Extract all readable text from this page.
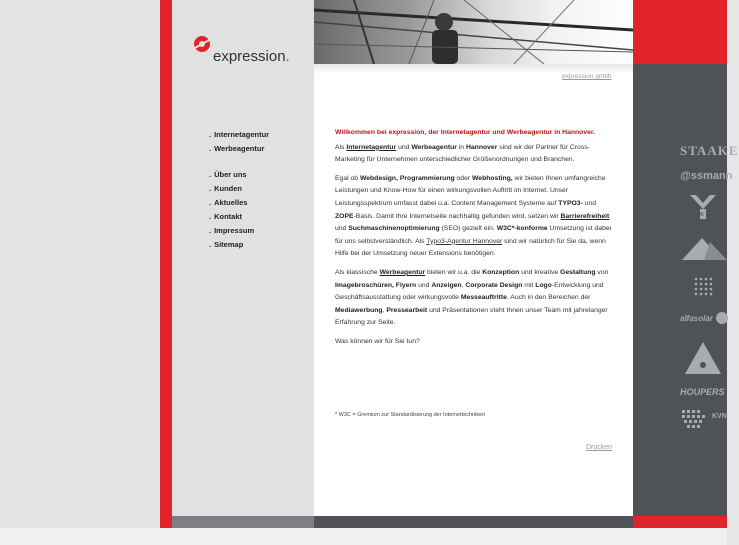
expression.
. Internetagentur
. Werbeagentur
. Über uns
. Kunden
. Aktuelles
. Kontakt
. Impressum
. Sitemap
expression gmbh

Willkommen bei expression, der Internetagentur und Werbeagentur in Hannover.

Als Internetagentur und Werbeagentur in Hannover sind wir der Partner für Cross-Marketing für Unternehmen unterschiedlicher Größenordnungen und Branchen.

Egal ob Webdesign, Programmierung oder Webhosting, wir bieten Ihnen umfangreiche Leistungen und Know-How für einen wirkungsvollen Auftritt im Internet. Unser Leistungsspektrum umfasst dabei u.a. Content Management Systeme auf TYPO3- und ZOPE-Basis. Damit Ihre Internetseite nachhaltig gefunden wird, setzen wir Barrierefreiheit und Suchmaschinenoptimierung (SEO) gezielt ein. W3C*-konforme Umsetzung ist dabei für uns selbstverständlich. Als Typo3-Agentur Hannover sind wir natürlich für Sie da, wenn Hilfe bei der Umsetzung neuer Extensions benötigen.

Als klassische Werbeagentur bieten wir u.a. die Konzeption und kreative Gestaltung von Imagebroschüren, Flyern und Anzeigen, Corporate Design mit Logo-Entwicklung und Geschäftsausstattung oder wirkungsvolle Messeauftritte. Auch in den Bereichen der Mediawerbung, Pressearbeit und Präsentationen steht Ihnen unser Team mit jahrelanger Erfahrung zur Seite.

Was können wir für Sie tun?

* W3C = Gremium zur Standardisierung der Internettechniken
Drucken
STAAKE
@ssmann
BKK
alfasolar
HOUPERS
KVN
